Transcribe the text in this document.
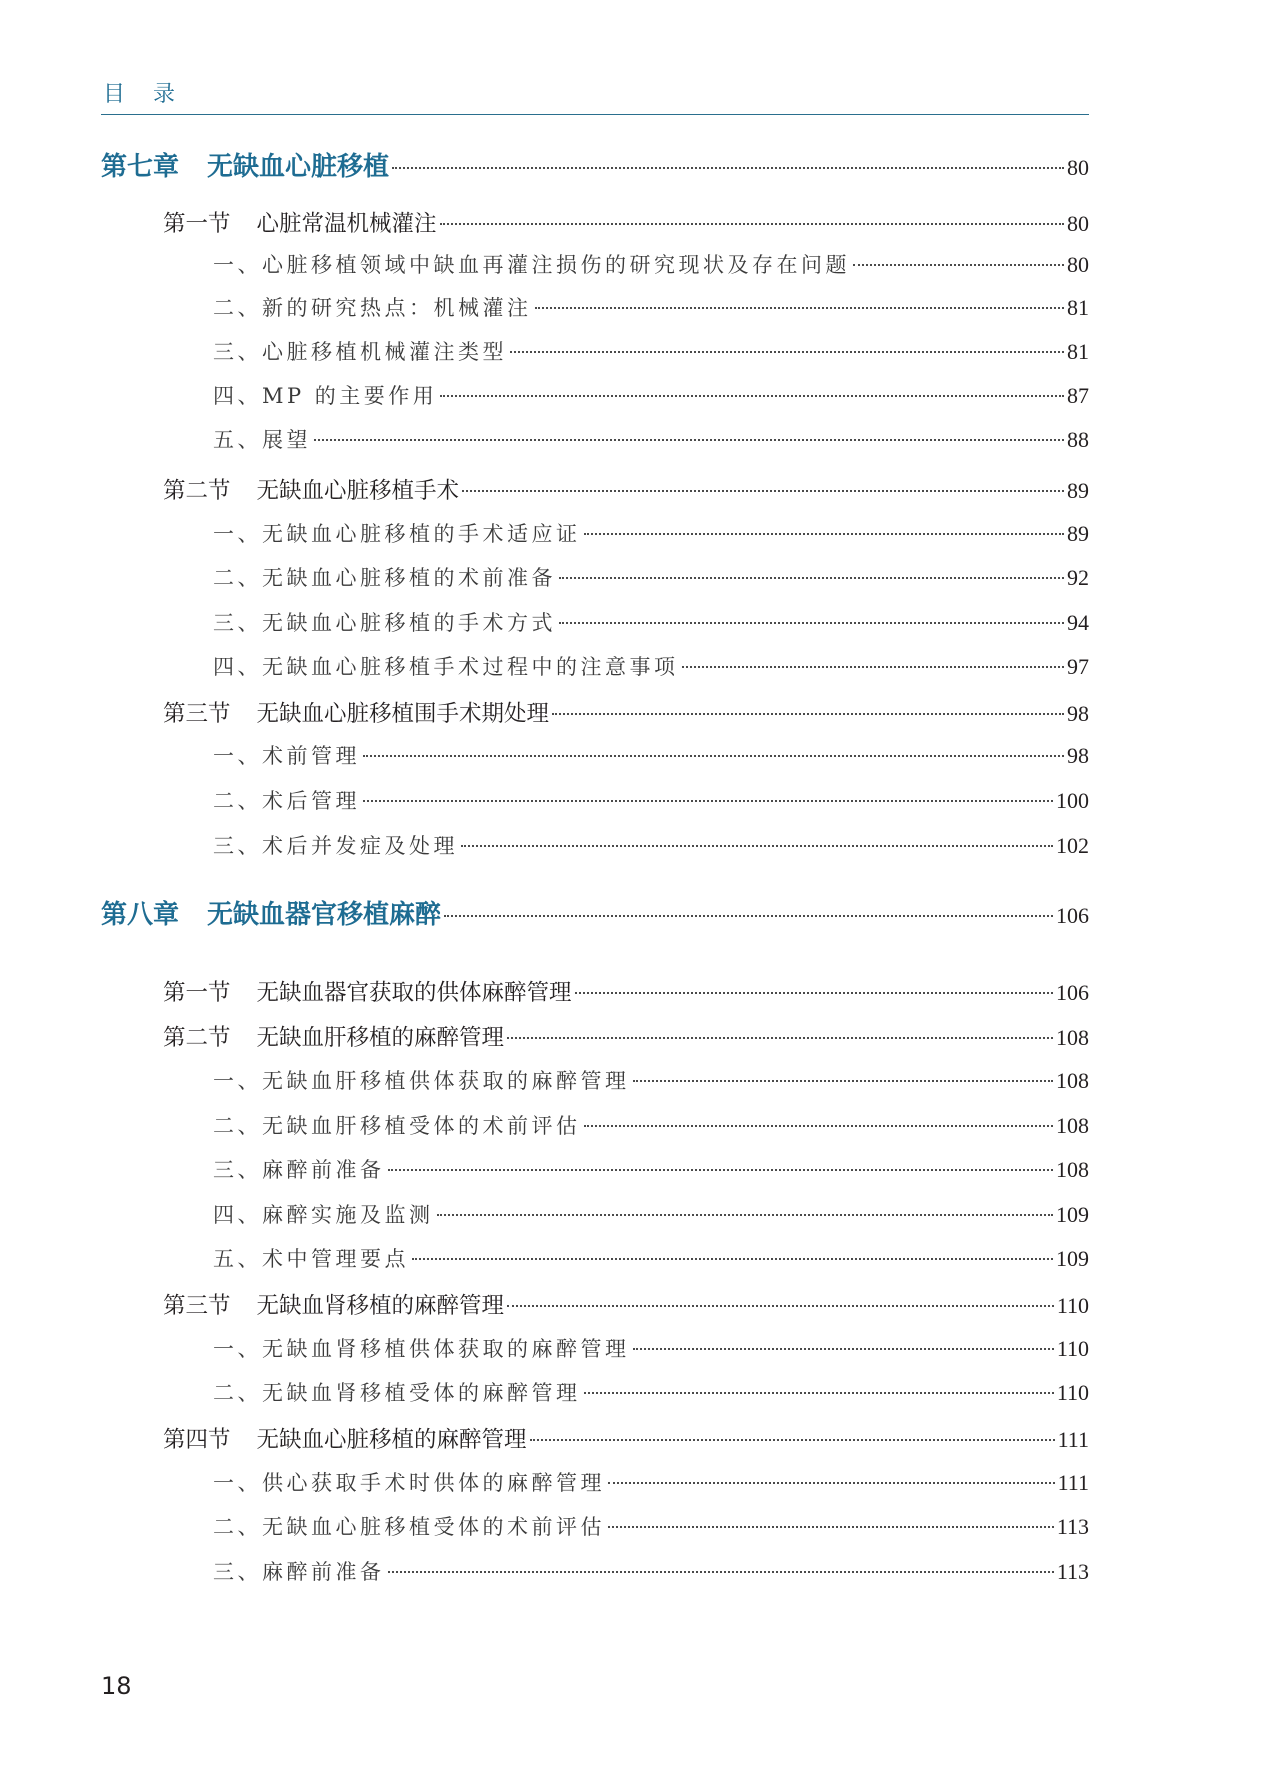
目录
第七章 无缺血心脏移植	80
第一节 心脏常温机械灌注	80
一、心脏移植领域中缺血再灌注损伤的研究现状及存在问题	80
二、新的研究热点：机械灌注	81
三、心脏移植机械灌注类型	81
四、MP 的主要作用	87
五、展望	88
第二节 无缺血心脏移植手术	89
一、无缺血心脏移植的手术适应证	89
二、无缺血心脏移植的术前准备	92
三、无缺血心脏移植的手术方式	94
四、无缺血心脏移植手术过程中的注意事项	97
第三节 无缺血心脏移植围手术期处理	98
一、术前管理	98
二、术后管理	100
三、术后并发症及处理	102
第八章 无缺血器官移植麻醉	106
第一节 无缺血器官获取的供体麻醉管理	106
第二节 无缺血肝移植的麻醉管理	108
一、无缺血肝移植供体获取的麻醉管理	108
二、无缺血肝移植受体的术前评估	108
三、麻醉前准备	108
四、麻醉实施及监测	109
五、术中管理要点	109
第三节 无缺血肾移植的麻醉管理	110
一、无缺血肾移植供体获取的麻醉管理	110
二、无缺血肾移植受体的麻醉管理	110
第四节 无缺血心脏移植的麻醉管理	111
一、供心获取手术时供体的麻醉管理	111
二、无缺血心脏移植受体的术前评估	113
三、麻醉前准备	113
18
